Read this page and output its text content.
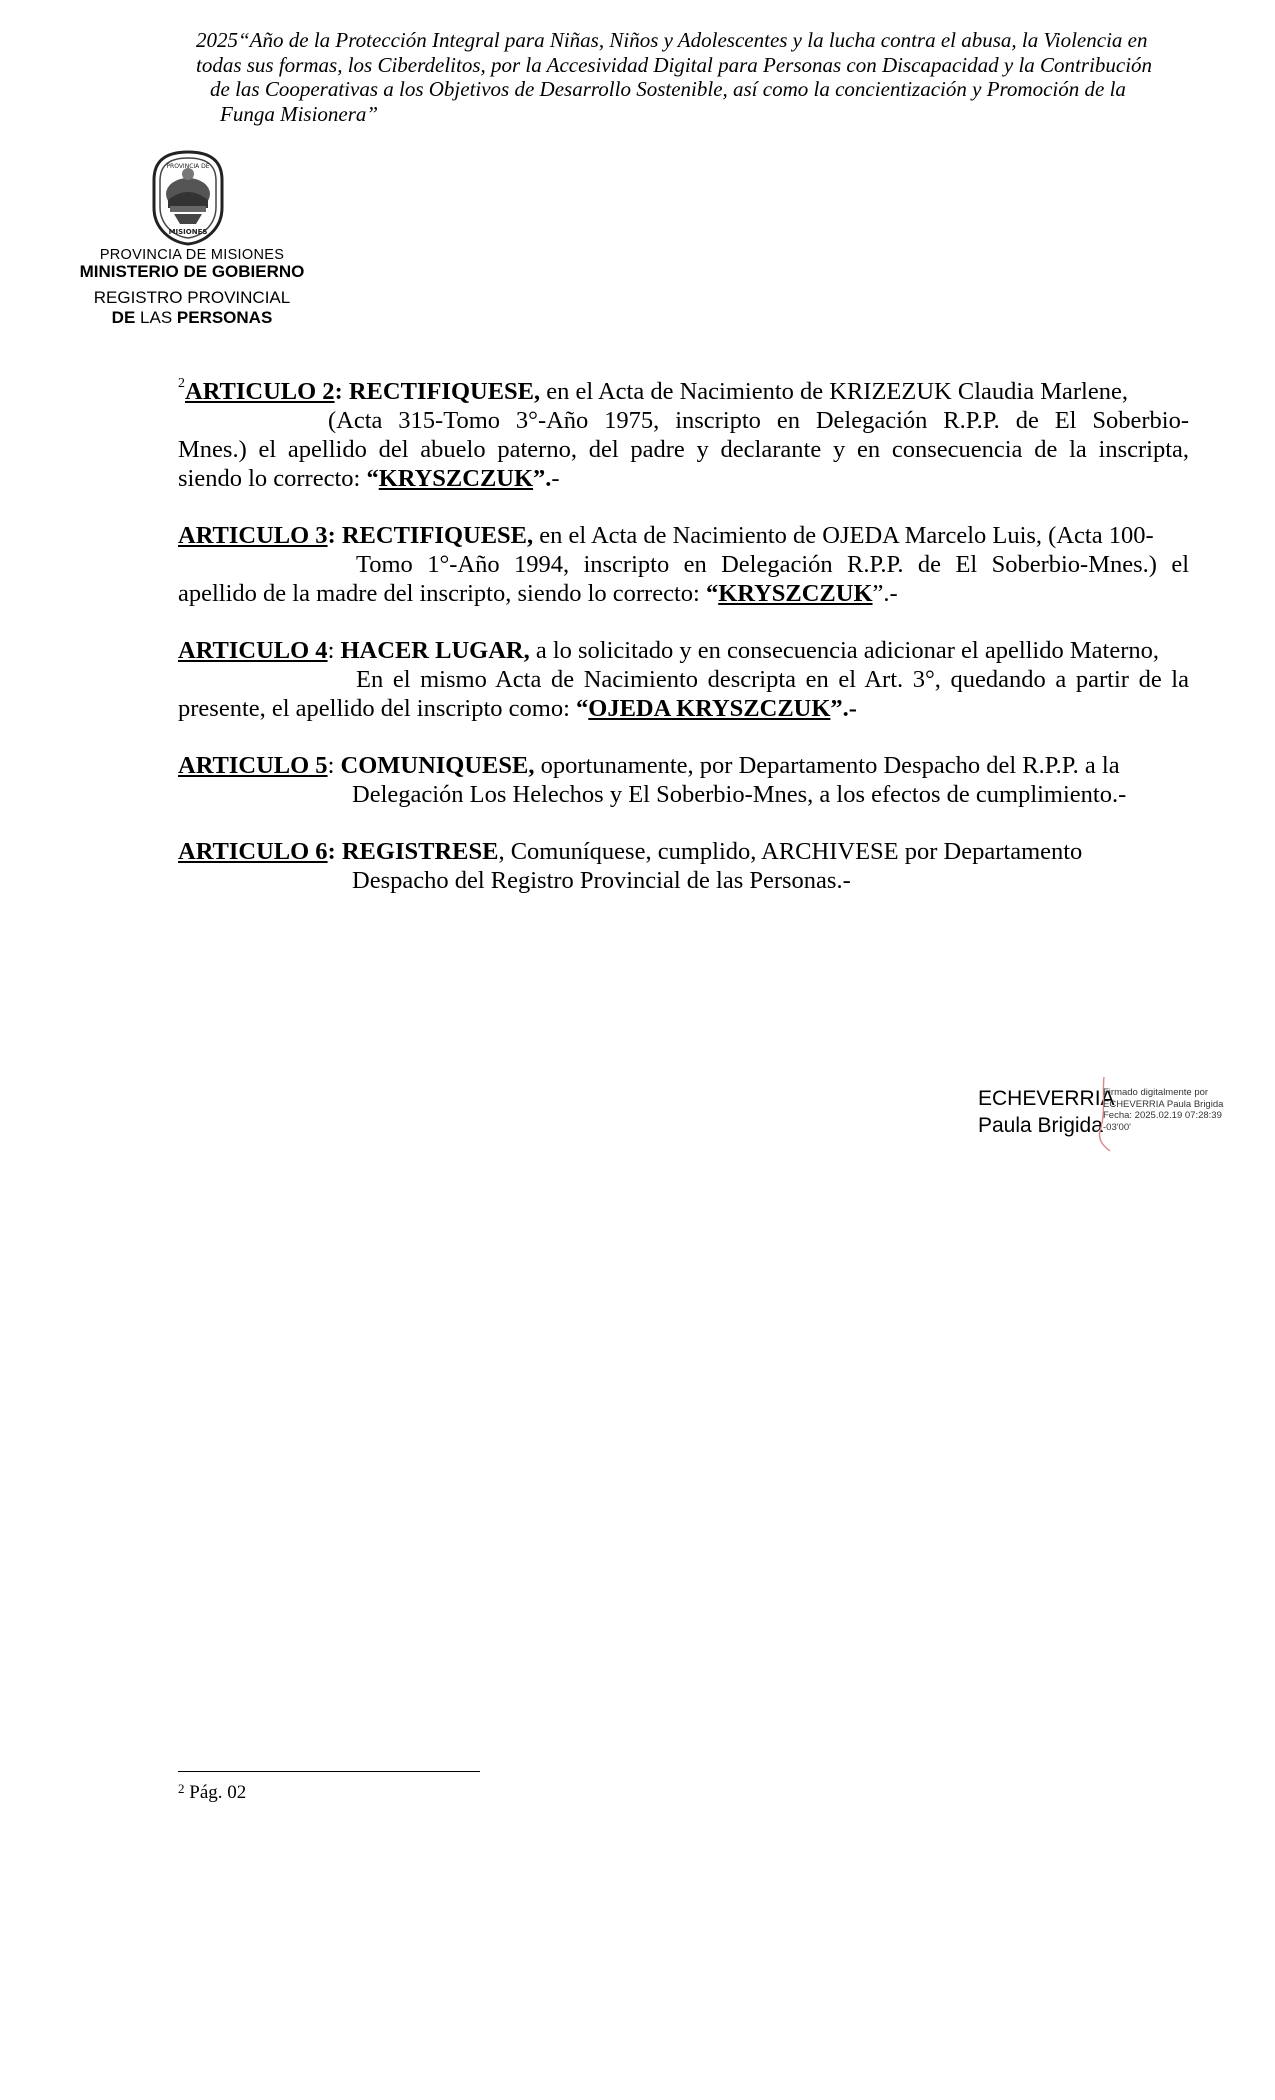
2025“Año de la Protección Integral para Niñas, Niños y Adolescentes y la lucha contra el abusa, la Violencia en
todas sus formas, los Ciberdelitos, por la Accesividad Digital para Personas con Discapacidad y la Contribución
de las Cooperativas a los Objetivos de Desarrollo Sostenible, así como la concientización y Promoción de la
Funga Misionera”
PROVINCIA DE
MISIONES
PROVINCIA DE MISIONES
MINISTERIO DE GOBIERNO
REGISTRO PROVINCIAL
DE LAS PERSONAS
$^2$ARTICULO 2: RECTIFIQUESE, en el Acta de Nacimiento de KRIZEZUK Claudia Marlene,
(Acta 315-Tomo 3°-Año 1975, inscripto en Delegación R.P.P. de El Soberbio-
Mnes.) el apellido del abuelo paterno, del padre y declarante y en consecuencia de la inscripta,
siendo lo correcto: “KRYSZCZUK”.-
ARTICULO 3: RECTIFIQUESE, en el Acta de Nacimiento de OJEDA Marcelo Luis, (Acta 100-
Tomo 1°-Año 1994, inscripto en Delegación R.P.P. de El Soberbio-Mnes.) el
apellido de la madre del inscripto, siendo lo correcto: “KRYSZCZUK”.-
ARTICULO 4: HACER LUGAR, a lo solicitado y en consecuencia adicionar el apellido Materno,
En el mismo Acta de Nacimiento descripta en el Art. 3°, quedando a partir de la
presente, el apellido del inscripto como: “OJEDA KRYSZCZUK”.-
ARTICULO 5: COMUNIQUESE, oportunamente, por Departamento Despacho del R.P.P. a la
Delegación Los Helechos y El Soberbio-Mnes, a los efectos de cumplimiento.-
ARTICULO 6: REGISTRESE, Comuníquese, cumplido, ARCHIVESE por Departamento
Despacho del Registro Provincial de las Personas.-
ECHEVERRIA
Paula Brigida
Firmado digitalmente por
ECHEVERRIA Paula Brigida
Fecha: 2025.02.19 07:28:39
-03'00'
$^2$ Pág. 02
